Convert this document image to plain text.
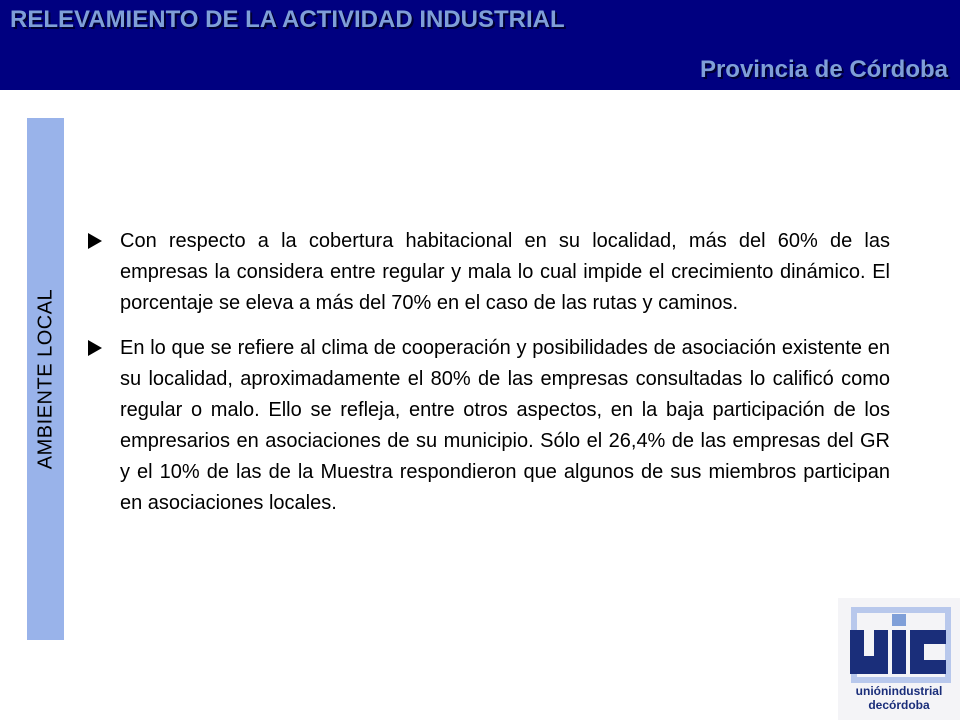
RELEVAMIENTO DE LA ACTIVIDAD INDUSTRIAL
Provincia de Córdoba
AMBIENTE LOCAL
Con respecto a la cobertura habitacional en su localidad, más del 60% de las empresas la considera entre regular y mala lo cual impide el crecimiento dinámico. El porcentaje se eleva a más del 70% en el caso de las rutas y caminos.
En lo que se refiere al clima de cooperación y posibilidades de asociación existente en su localidad, aproximadamente el 80% de las empresas consultadas lo calificó como regular o malo. Ello se refleja, entre otros aspectos, en la baja participación de los empresarios en asociaciones de su municipio. Sólo el 26,4% de las empresas del GR y el 10% de las de la Muestra respondieron que algunos de sus miembros participan en asociaciones locales.
uniónindustrial
decórdoba
